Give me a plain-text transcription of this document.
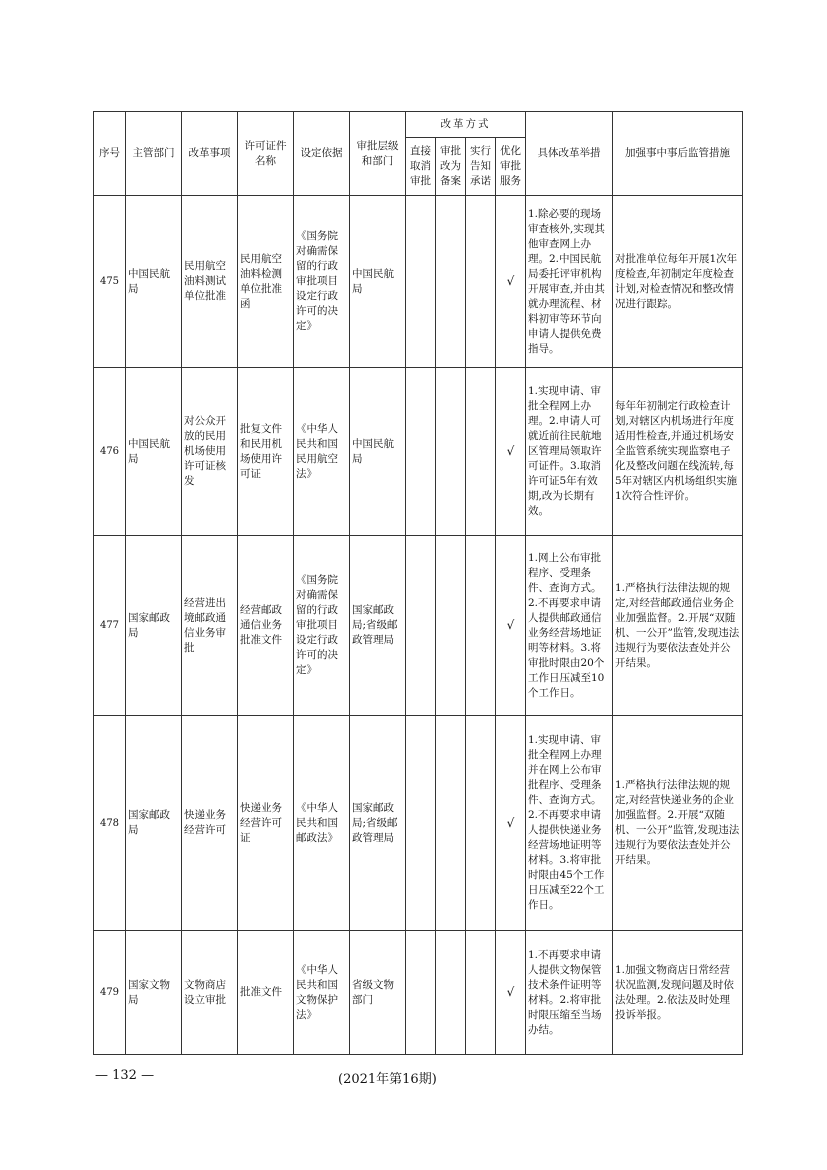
序号	主管部门	改革事项	许可证件名称	设定依据	审批层级和部门	改革方式				具体改革举措	加强事中事后监管措施
						直接取消审批	审批改为备案	实行告知承诺	优化审批服务		
475	中国民航局	民用航空油料测试单位批准	民用航空油料检测单位批准函	《国务院对确需保留的行政审批项目设定行政许可的决定》	中国民航局				√	1.除必要的现场审查核外,实现其他审查网上办理。2.中国民航局委托评审机构开展审查,并由其就办理流程、材料初审等环节向申请人提供免费指导。	对批准单位每年开展1次年度检查,年初制定年度检查计划,对检查情况和整改情况进行跟踪。
476	中国民航局	对公众开放的民用机场使用许可证核发	批复文件和民用机场使用许可证	《中华人民共和国民用航空法》	中国民航局				√	1.实现申请、审批全程网上办理。2.申请人可就近前往民航地区管理局领取许可证件。3.取消许可证5年有效期,改为长期有效。	每年年初制定行政检查计划,对辖区内机场进行年度适用性检查,并通过机场安全监管系统实现监察电子化及整改问题在线流转,每5年对辖区内机场组织实施1次符合性评价。
477	国家邮政局	经营进出境邮政通信业务审批	经营邮政通信业务批准文件	《国务院对确需保留的行政审批项目设定行政许可的决定》	国家邮政局;省级邮政管理局				√	1.网上公布审批程序、受理条件、查询方式。2.不再要求申请人提供邮政通信业务经营场地证明等材料。3.将审批时限由20个工作日压减至10个工作日。	1.严格执行法律法规的规定,对经营邮政通信业务企业加强监督。2.开展“双随机、一公开”监管,发现违法违规行为要依法查处并公开结果。
478	国家邮政局	快递业务经营许可	快递业务经营许可证	《中华人民共和国邮政法》	国家邮政局;省级邮政管理局				√	1.实现申请、审批全程网上办理并在网上公布审批程序、受理条件、查询方式。2.不再要求申请人提供快递业务经营场地证明等材料。3.将审批时限由45个工作日压减至22个工作日。	1.严格执行法律法规的规定,对经营快递业务的企业加强监督。2.开展“双随机、一公开”监管,发现违法违规行为要依法查处并公开结果。
479	国家文物局	文物商店设立审批	批准文件	《中华人民共和国文物保护法》	省级文物部门				√	1.不再要求申请人提供文物保管技术条件证明等材料。2.将审批时限压缩至当场办结。	1.加强文物商店日常经营状况监测,发现问题及时依法处理。2.依法及时处理投诉举报。
— 132 —	(2021年第16期)
